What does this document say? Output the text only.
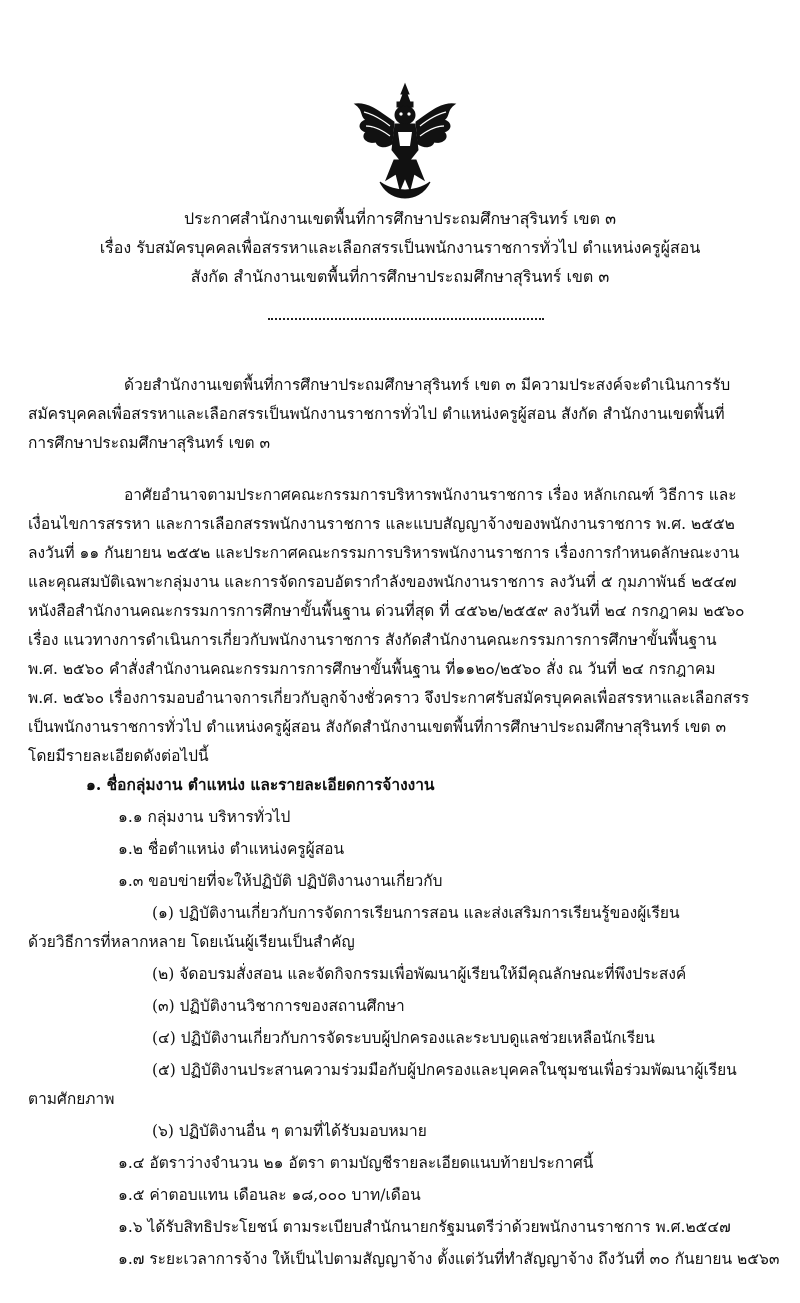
ประกาศสำนักงานเขตพื้นที่การศึกษาประถมศึกษาสุรินทร์ เขต ๓
เรื่อง รับสมัครบุคคลเพื่อสรรหาและเลือกสรรเป็นพนักงานราชการทั่วไป ตำแหน่งครูผู้สอน
สังกัด สำนักงานเขตพื้นที่การศึกษาประถมศึกษาสุรินทร์ เขต ๓
ด้วยสำนักงานเขตพื้นที่การศึกษาประถมศึกษาสุรินทร์ เขต ๓ มีความประสงค์จะดำเนินการรับ
สมัครบุคคลเพื่อสรรหาและเลือกสรรเป็นพนักงานราชการทั่วไป ตำแหน่งครูผู้สอน สังกัด สำนักงานเขตพื้นที่
การศึกษาประถมศึกษาสุรินทร์ เขต ๓
อาศัยอำนาจตามประกาศคณะกรรมการบริหารพนักงานราชการ เรื่อง หลักเกณฑ์ วิธีการ และ
เงื่อนไขการสรรหา และการเลือกสรรพนักงานราชการ และแบบสัญญาจ้างของพนักงานราชการ พ.ศ. ๒๕๕๒
ลงวันที่ ๑๑ กันยายน ๒๕๕๒ และประกาศคณะกรรมการบริหารพนักงานราชการ เรื่องการกำหนดลักษณะงาน
และคุณสมบัติเฉพาะกลุ่มงาน และการจัดกรอบอัตรากำลังของพนักงานราชการ ลงวันที่ ๕ กุมภาพันธ์ ๒๕๔๗
หนังสือสำนักงานคณะกรรมการการศึกษาขั้นพื้นฐาน ด่วนที่สุด ที่ ๔๕๖๒/๒๕๕๙ ลงวันที่ ๒๔ กรกฎาคม ๒๕๖๐
เรื่อง แนวทางการดำเนินการเกี่ยวกับพนักงานราชการ สังกัดสำนักงานคณะกรรมการการศึกษาขั้นพื้นฐาน
พ.ศ. ๒๕๖๐ คำสั่งสำนักงานคณะกรรมการการศึกษาขั้นพื้นฐาน ที่๑๑๒๐/๒๕๖๐ สั่ง ณ วันที่ ๒๔ กรกฎาคม
พ.ศ. ๒๕๖๐ เรื่องการมอบอำนาจการเกี่ยวกับลูกจ้างชั่วคราว จึงประกาศรับสมัครบุคคลเพื่อสรรหาและเลือกสรร
เป็นพนักงานราชการทั่วไป ตำแหน่งครูผู้สอน สังกัดสำนักงานเขตพื้นที่การศึกษาประถมศึกษาสุรินทร์ เขต ๓
โดยมีรายละเอียดดังต่อไปนี้
๑. ชื่อกลุ่มงาน ตำแหน่ง และรายละเอียดการจ้างงาน
๑.๑ กลุ่มงาน บริหารทั่วไป
๑.๒ ชื่อตำแหน่ง ตำแหน่งครูผู้สอน
๑.๓ ขอบข่ายที่จะให้ปฏิบัติ ปฏิบัติงานงานเกี่ยวกับ
(๑) ปฏิบัติงานเกี่ยวกับการจัดการเรียนการสอน และส่งเสริมการเรียนรู้ของผู้เรียน
ด้วยวิธีการที่หลากหลาย โดยเน้นผู้เรียนเป็นสำคัญ
(๒) จัดอบรมสั่งสอน และจัดกิจกรรมเพื่อพัฒนาผู้เรียนให้มีคุณลักษณะที่พึงประสงค์
(๓) ปฏิบัติงานวิชาการของสถานศึกษา
(๔) ปฏิบัติงานเกี่ยวกับการจัดระบบผู้ปกครองและระบบดูแลช่วยเหลือนักเรียน
(๕) ปฏิบัติงานประสานความร่วมมือกับผู้ปกครองและบุคคลในชุมชนเพื่อร่วมพัฒนาผู้เรียน
ตามศักยภาพ
(๖) ปฏิบัติงานอื่น ๆ ตามที่ได้รับมอบหมาย
๑.๔ อัตราว่างจำนวน ๒๑ อัตรา ตามบัญชีรายละเอียดแนบท้ายประกาศนี้
๑.๕ ค่าตอบแทน เดือนละ ๑๘,๐๐๐ บาท/เดือน
๑.๖ ได้รับสิทธิประโยชน์ ตามระเบียบสำนักนายกรัฐมนตรีว่าด้วยพนักงานราชการ พ.ศ.๒๕๔๗
๑.๗ ระยะเวลาการจ้าง ให้เป็นไปตามสัญญาจ้าง ตั้งแต่วันที่ทำสัญญาจ้าง ถึงวันที่ ๓๐ กันยายน ๒๕๖๓
